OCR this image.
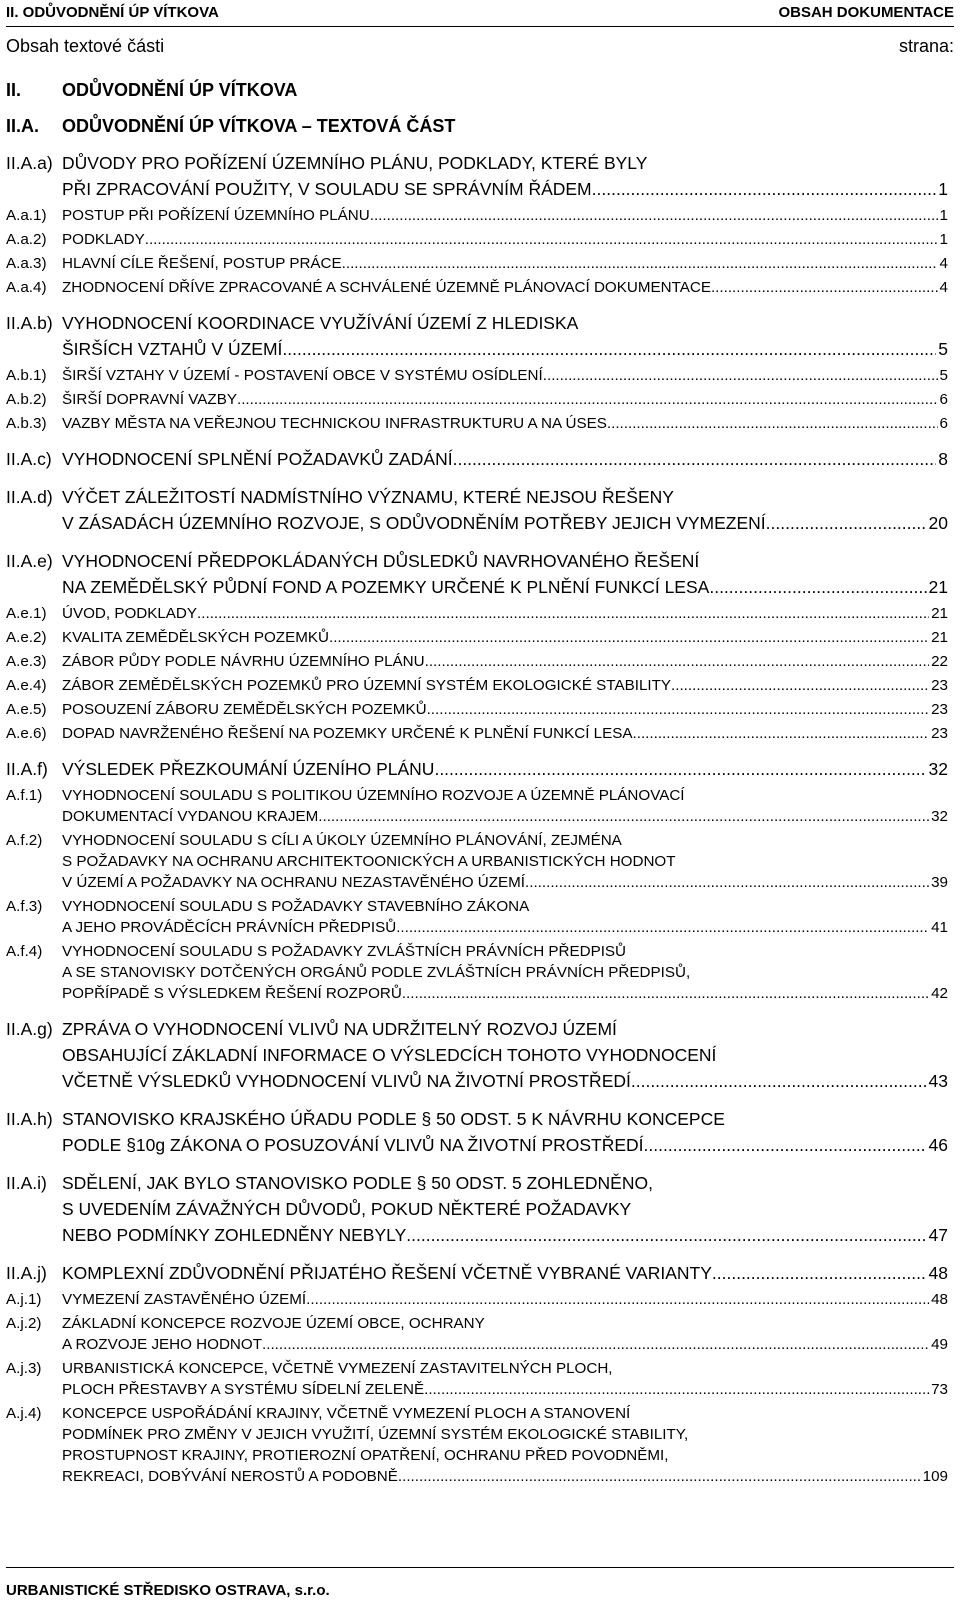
II. ODŮVODNĚNÍ ÚP VÍTKOVA	OBSAH DOKUMENTACE
Obsah textové části	strana:
II.	ODŮVODNĚNÍ ÚP VÍTKOVA
II.A.	ODŮVODNĚNÍ ÚP VÍTKOVA – TEXTOVÁ ČÁST
II.A.a) DŮVODY PRO POŘÍZENÍ ÚZEMNÍHO PLÁNU, PODKLADY, KTERÉ BYLY
PŘI ZPRACOVÁNÍ POUŽITY, V SOULADU SE SPRÁVNÍM ŘÁDEM .....	1
A.a.1)	POSTUP PŘI POŘÍZENÍ ÚZEMNÍHO PLÁNU .....	1
A.a.2)	PODKLADY .....	1
A.a.3)	HLAVNÍ CÍLE ŘEŠENÍ, POSTUP PRÁCE .....	4
A.a.4)	ZHODNOCENÍ DŘÍVE ZPRACOVANÉ A SCHVÁLENÉ ÚZEMNĚ PLÁNOVACÍ DOKUMENTACE .....	4
II.A.b) VYHODNOCENÍ KOORDINACE VYUŽÍVÁNÍ ÚZEMÍ Z HLEDISKA
ŠIRŠÍCH VZTAHŮ V ÚZEMÍ .....	5
A.b.1)	ŠIRŠÍ VZTAHY V ÚZEMÍ - POSTAVENÍ OBCE V SYSTÉMU OSÍDLENÍ .....	5
A.b.2)	ŠIRŠÍ DOPRAVNÍ VAZBY .....	6
A.b.3)	VAZBY MĚSTA NA VEŘEJNOU TECHNICKOU INFRASTRUKTURU A NA ÚSES .....	6
II.A.c) VYHODNOCENÍ SPLNĚNÍ POŽADAVKŮ ZADÁNÍ .....	8
II.A.d) VÝČET ZÁLEŽITOSTÍ NADMÍSTNÍHO VÝZNAMU, KTERÉ NEJSOU ŘEŠENY
V ZÁSADÁCH ÚZEMNÍHO ROZVOJE, S ODŮVODNĚNÍM POTŘEBY JEJICH VYMEZENÍ .....	20
II.A.e) VYHODNOCENÍ PŘEDPOKLÁDANÝCH DŮSLEDKŮ NAVRHOVANÉHO ŘEŠENÍ
NA ZEMĚDĚLSKÝ PŮDNÍ FOND A POZEMKY URČENÉ K PLNĚNÍ FUNKCÍ LESA .....	21
A.e.1)	ÚVOD, PODKLADY .....	21
A.e.2)	KVALITA ZEMĚDĚLSKÝCH POZEMKŮ .....	21
A.e.3)	ZÁBOR PŮDY PODLE NÁVRHU ÚZEMNÍHO PLÁNU .....	22
A.e.4)	ZÁBOR ZEMĚDĚLSKÝCH POZEMKŮ PRO ÚZEMNÍ SYSTÉM EKOLOGICKÉ STABILITY .....	23
A.e.5)	POSOUZENÍ ZÁBORU ZEMĚDĚLSKÝCH POZEMKŮ .....	23
A.e.6)	DOPAD NAVRŽENÉHO ŘEŠENÍ NA POZEMKY URČENÉ K PLNĚNÍ FUNKCÍ LESA .....	23
II.A.f) VÝSLEDEK PŘEZKOUMÁNÍ ÚZENÍHO PLÁNU .....	32
A.f.1)	VYHODNOCENÍ SOULADU S POLITIKOU ÚZEMNÍHO ROZVOJE A ÚZEMNĚ PLÁNOVACÍ
DOKUMENTACÍ VYDANOU KRAJEM .....	32
A.f.2)	VYHODNOCENÍ SOULADU S CÍLI A ÚKOLY ÚZEMNÍHO PLÁNOVÁNÍ, ZEJMÉNA
S POŽADAVKY NA OCHRANU ARCHITEKTOONICKÝCH A URBANISTICKÝCH HODNOT
V ÚZEMÍ A POŽADAVKY NA OCHRANU NEZASTAVĚNÉHO ÚZEMÍ .....	39
A.f.3)	VYHODNOCENÍ SOULADU S POŽADAVKY STAVEBNÍHO ZÁKONA
A JEHO PROVÁDĚCÍCH PRÁVNÍCH PŘEDPISŮ .....	41
A.f.4)	VYHODNOCENÍ SOULADU S POŽADAVKY ZVLÁŠTNÍCH PRÁVNÍCH PŘEDPISŮ
A SE STANOVISKY DOTČENÝCH ORGÁNŮ PODLE ZVLÁŠTNÍCH PRÁVNÍCH PŘEDPISŮ,
POPŘÍPADĚ S VÝSLEDKEM ŘEŠENÍ ROZPORŮ .....	42
II.A.g) ZPRÁVA O VYHODNOCENÍ VLIVŮ NA UDRŽITELNÝ ROZVOJ ÚZEMÍ
OBSAHUJÍCÍ ZÁKLADNÍ INFORMACE O VÝSLEDCÍCH TOHOTO VYHODNOCENÍ
VČETNĚ VÝSLEDKŮ VYHODNOCENÍ VLIVŮ NA ŽIVOTNÍ PROSTŘEDÍ .....	43
II.A.h) STANOVISKO KRAJSKÉHO ÚŘADU PODLE § 50 ODST. 5 K NÁVRHU KONCEPCE
PODLE §10g ZÁKONA O POSUZOVÁNÍ VLIVŮ NA ŽIVOTNÍ PROSTŘEDÍ .....	46
II.A.i) SDĚLENÍ, JAK BYLO STANOVISKO PODLE § 50 ODST. 5 ZOHLEDNĚNO,
S UVEDENÍM ZÁVAŽNÝCH DŮVODŮ, POKUD NĚKTERÉ POŽADAVKY
NEBO PODMÍNKY ZOHLEDNĚNY NEBYLY .....	47
II.A.j) KOMPLEXNÍ ZDŮVODNĚNÍ PŘIJATÉHO ŘEŠENÍ VČETNĚ VYBRANÉ VARIANTY .....	48
A.j.1)	VYMEZENÍ ZASTAVĚNÉHO ÚZEMÍ .....	48
A.j.2)	ZÁKLADNÍ KONCEPCE ROZVOJE ÚZEMÍ OBCE, OCHRANY
A ROZVOJE JEHO HODNOT .....	49
A.j.3)	URBANISTICKÁ KONCEPCE, VČETNĚ VYMEZENÍ ZASTAVITELNÝCH PLOCH,
PLOCH PŘESTAVBY A SYSTÉMU SÍDELNÍ ZELENĚ .....	73
A.j.4)	KONCEPCE USPOŘÁDÁNÍ KRAJINY, VČETNĚ VYMEZENÍ PLOCH A STANOVENÍ
PODMÍNEK PRO ZMĚNY V JEJICH VYUŽITÍ, ÚZEMNÍ SYSTÉM EKOLOGICKÉ STABILITY,
PROSTUPNOST KRAJINY, PROTIEROZNÍ OPATŘENÍ, OCHRANU PŘED POVODNĚMI,
REKREACI, DOBÝVÁNÍ NEROSTŮ A PODOBNĚ .....	109
URBANISTICKÉ STŘEDISKO OSTRAVA, s.r.o.
